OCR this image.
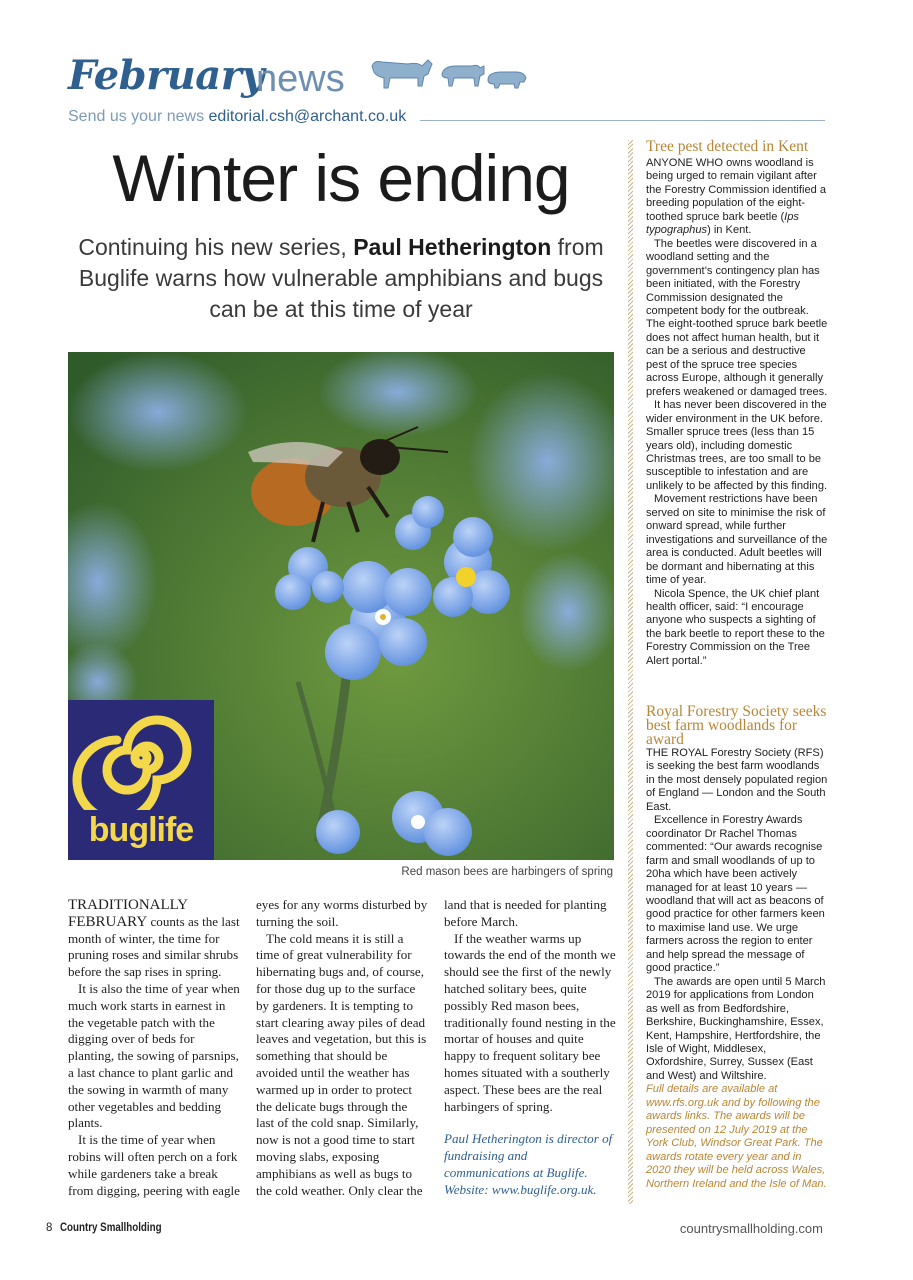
February
news
Send us your news editorial.csh@archant.co.uk
Winter is ending

Continuing his new series, Paul Hetherington from Buglife warns how vulnerable amphibians and bugs can be at this time of year

buglife
Red mason bees are harbingers of spring
Tree pest detected in Kent

ANYONE WHO owns woodland is being urged to remain vigilant after the Forestry Commission identified a breeding population of the eight-toothed spruce bark beetle (Ips typographus) in Kent.

The beetles were discovered in a woodland setting and the government’s contingency plan has been initiated, with the Forestry Commission designated the competent body for the outbreak. The eight-toothed spruce bark beetle does not affect human health, but it can be a serious and destructive pest of the spruce tree species across Europe, although it generally prefers weakened or damaged trees.

It has never been discovered in the wider environment in the UK before. Smaller spruce trees (less than 15 years old), including domestic Christmas trees, are too small to be susceptible to infestation and are unlikely to be affected by this finding.

Movement restrictions have been served on site to minimise the risk of onward spread, while further investigations and surveillance of the area is conducted. Adult beetles will be dormant and hibernating at this time of year.

Nicola Spence, the UK chief plant health officer, said: “I encourage anyone who suspects a sighting of the bark beetle to report these to the Forestry Commission on the Tree Alert portal.”

Royal Forestry Society seeks best farm woodlands for award

THE ROYAL Forestry Society (RFS) is seeking the best farm woodlands in the most densely populated region of England — London and the South East.

Excellence in Forestry Awards coordinator Dr Rachel Thomas commented: “Our awards recognise farm and small woodlands of up to 20ha which have been actively managed for at least 10 years — woodland that will act as beacons of good practice for other farmers keen to maximise land use. We urge farmers across the region to enter and help spread the message of good practice.”

The awards are open until 5 March 2019 for applications from London as well as from Bedfordshire, Berkshire, Buckinghamshire, Essex, Kent, Hampshire, Hertfordshire, the Isle of Wight, Middlesex, Oxfordshire, Surrey, Sussex (East and West) and Wiltshire.

Full details are available at www.rfs.org.uk and by following the awards links. The awards will be presented on 12 July 2019 at the York Club, Windsor Great Park. The awards rotate every year and in 2020 they will be held across Wales, Northern Ireland and the Isle of Man.

8 Country Smallholding	countrysmallholding.com

TRADITIONALLY FEBRUARY counts as the last month of winter, the time for pruning roses and similar shrubs before the sap rises in spring.

It is also the time of year when much work starts in earnest in the vegetable patch with the digging over of beds for planting, the sowing of parsnips, a last chance to plant garlic and the sowing in warmth of many other vegetables and bedding plants.

It is the time of year when robins will often perch on a fork while gardeners take a break from digging, peering with eagle eyes for any worms disturbed by turning the soil.

The cold means it is still a time of great vulnerability for hibernating bugs and, of course, for those dug up to the surface by gardeners. It is tempting to start clearing away piles of dead leaves and vegetation, but this is something that should be avoided until the weather has warmed up in order to protect the delicate bugs through the last of the cold snap. Similarly, now is not a good time to start moving slabs, exposing amphibians as well as bugs to the cold weather. Only clear the land that is needed for planting before March.

If the weather warms up towards the end of the month we should see the first of the newly hatched solitary bees, quite possibly Red mason bees, traditionally found nesting in the mortar of houses and quite happy to frequent solitary bee homes situated with a southerly aspect. These bees are the real harbingers of spring.

Paul Hetherington is director of fundraising and communications at Buglife. Website: www.buglife.org.uk.
